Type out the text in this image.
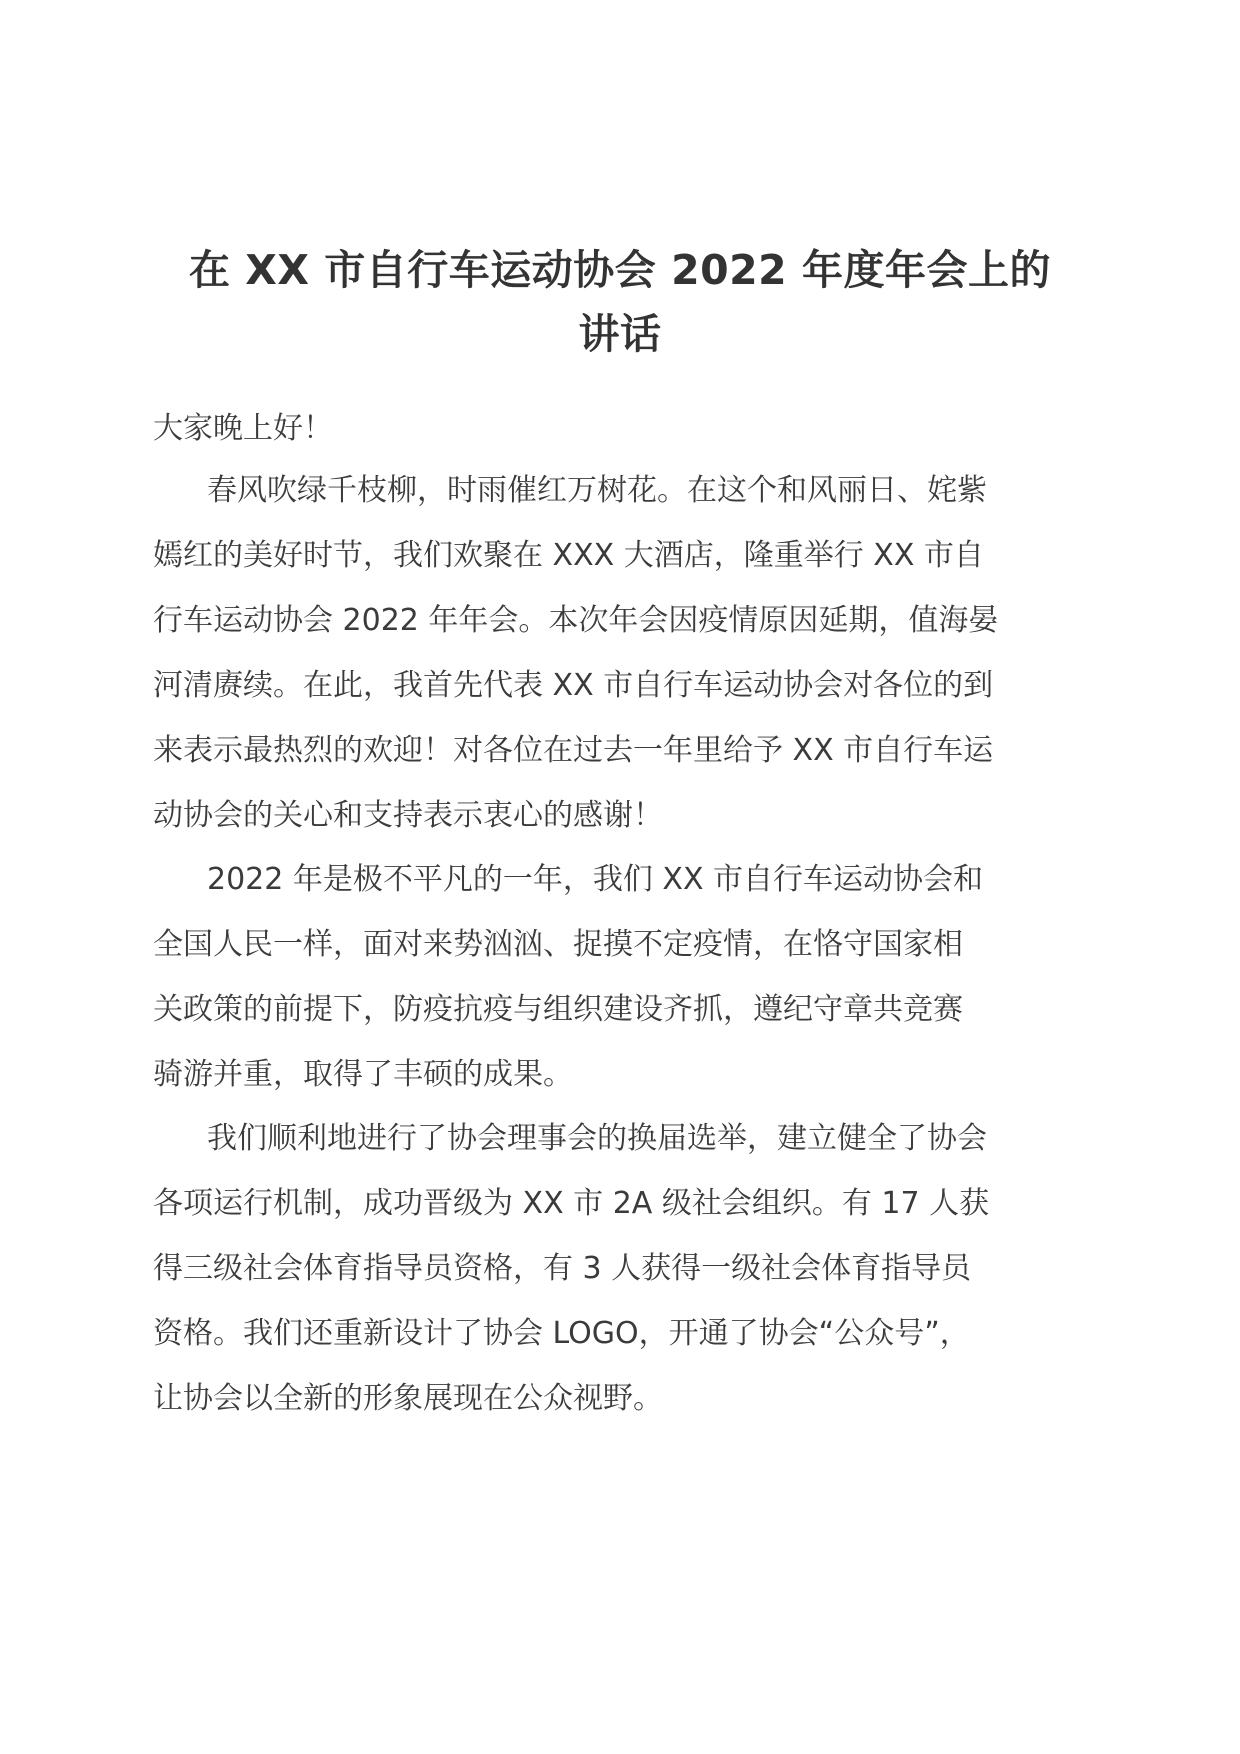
在 XX 市自行车运动协会 2022 年度年会上的
讲话

大家晚上好！

春风吹绿千枝柳，时雨催红万树花。在这个和风丽日、姹紫
嫣红的美好时节，我们欢聚在 XXX 大酒店，隆重举行 XX 市自
行车运动协会 2022 年年会。本次年会因疫情原因延期，值海晏
河清赓续。在此，我首先代表 XX 市自行车运动协会对各位的到
来表示最热烈的欢迎！对各位在过去一年里给予 XX 市自行车运
动协会的关心和支持表示衷心的感谢！
2022 年是极不平凡的一年，我们 XX 市自行车运动协会和
全国人民一样，面对来势汹汹、捉摸不定疫情，在恪守国家相
关政策的前提下，防疫抗疫与组织建设齐抓，遵纪守章共竞赛
骑游并重，取得了丰硕的成果。
我们顺利地进行了协会理事会的换届选举，建立健全了协会
各项运行机制，成功晋级为 XX 市 2A 级社会组织。有 17 人获
得三级社会体育指导员资格，有 3 人获得一级社会体育指导员
资格。我们还重新设计了协会 LOGO，开通了协会“公众号”，
让协会以全新的形象展现在公众视野。
